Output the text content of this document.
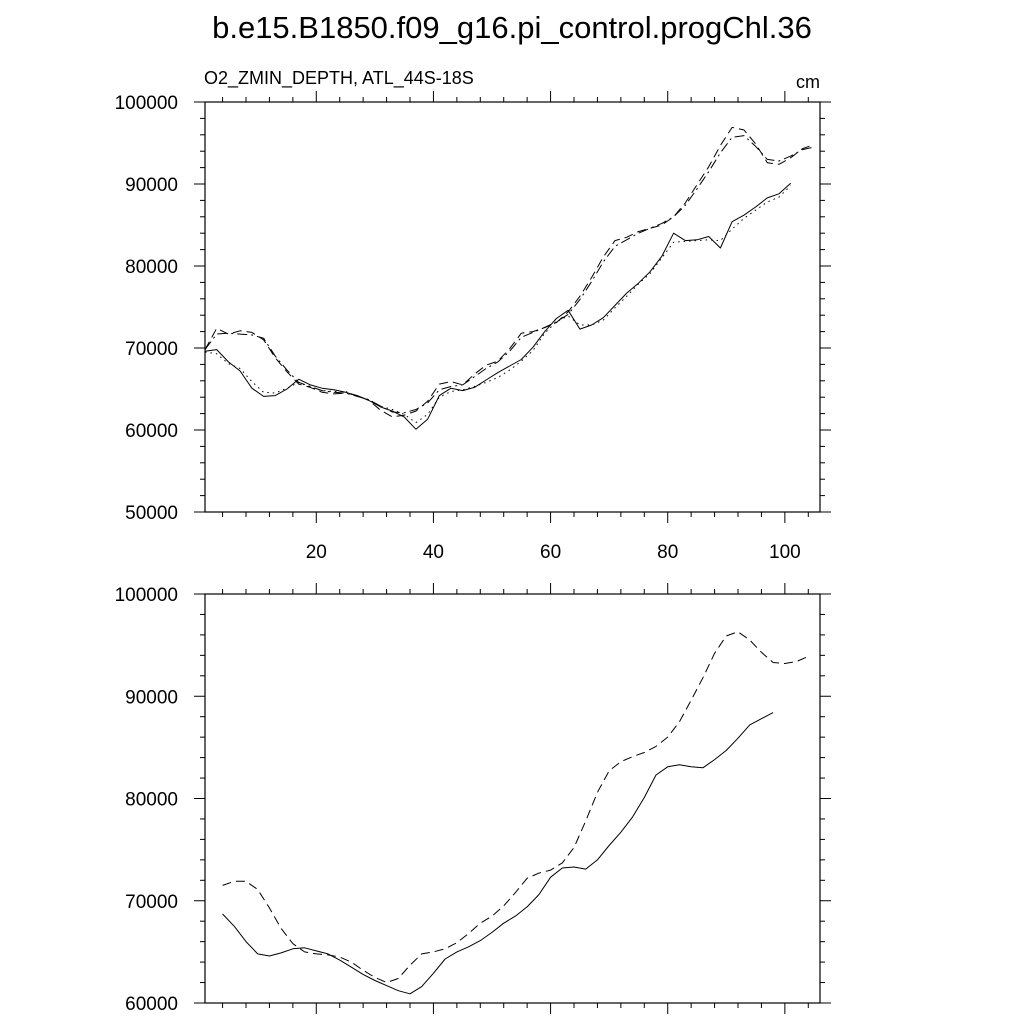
b.e15.B1850.f09_g16.pi_control.progChl.36
O2_ZMIN_DEPTH, ATL_44S-18S	cm
20	40	60	80	100
50000
60000
70000
80000
90000
100000
60000
70000
80000
90000
100000
